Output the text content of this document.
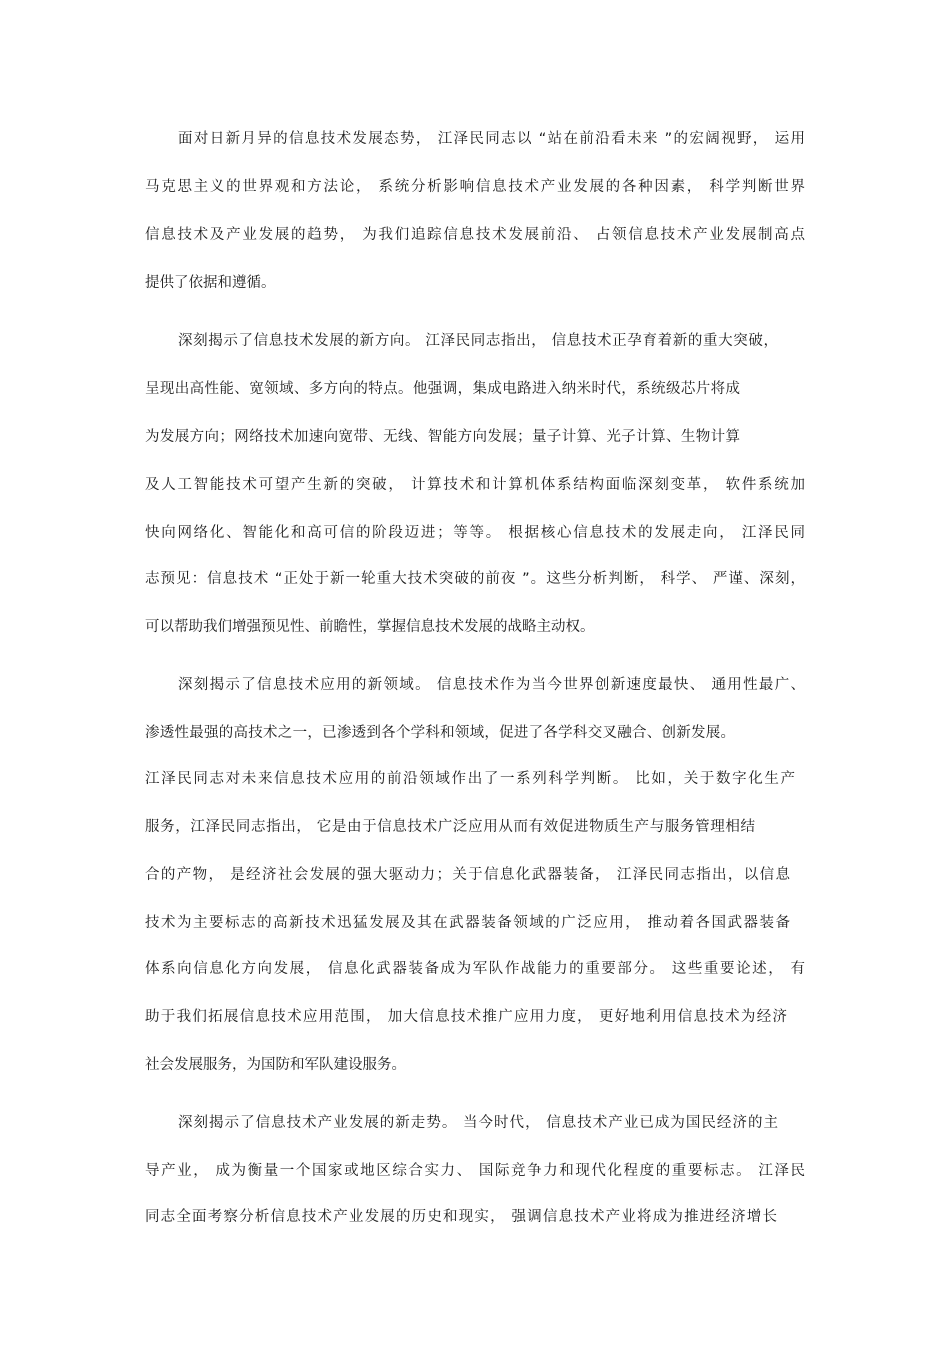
面对日新月异的信息技术发展态势， 江泽民同志以 “站在前沿看未来 ”的宏阔视野， 运用
马克思主义的世界观和方法论， 系统分析影响信息技术产业发展的各种因素， 科学判断世界
信息技术及产业发展的趋势， 为我们追踪信息技术发展前沿、 占领信息技术产业发展制高点
提供了依据和遵循。
深刻揭示了信息技术发展的新方向。 江泽民同志指出， 信息技术正孕育着新的重大突破，
呈现出高性能、宽领域、多方向的特点。他强调，集成电路进入纳米时代，系统级芯片将成
为发展方向；网络技术加速向宽带、无线、智能方向发展；量子计算、光子计算、生物计算
及人工智能技术可望产生新的突破， 计算技术和计算机体系结构面临深刻变革， 软件系统加
快向网络化、智能化和高可信的阶段迈进；等等。 根据核心信息技术的发展走向， 江泽民同
志预见：信息技术 “正处于新一轮重大技术突破的前夜 ”。这些分析判断， 科学、 严谨、深刻，
可以帮助我们增强预见性、前瞻性，掌握信息技术发展的战略主动权。
深刻揭示了信息技术应用的新领域。 信息技术作为当今世界创新速度最快、 通用性最广、
渗透性最强的高技术之一，已渗透到各个学科和领域，促进了各学科交叉融合、创新发展。
江泽民同志对未来信息技术应用的前沿领域作出了一系列科学判断。 比如，关于数字化生产
服务，江泽民同志指出， 它是由于信息技术广泛应用从而有效促进物质生产与服务管理相结
合的产物， 是经济社会发展的强大驱动力；关于信息化武器装备， 江泽民同志指出，以信息
技术为主要标志的高新技术迅猛发展及其在武器装备领域的广泛应用， 推动着各国武器装备
体系向信息化方向发展， 信息化武器装备成为军队作战能力的重要部分。 这些重要论述， 有
助于我们拓展信息技术应用范围， 加大信息技术推广应用力度， 更好地利用信息技术为经济
社会发展服务，为国防和军队建设服务。
深刻揭示了信息技术产业发展的新走势。 当今时代， 信息技术产业已成为国民经济的主
导产业， 成为衡量一个国家或地区综合实力、 国际竞争力和现代化程度的重要标志。 江泽民
同志全面考察分析信息技术产业发展的历史和现实， 强调信息技术产业将成为推进经济增长
